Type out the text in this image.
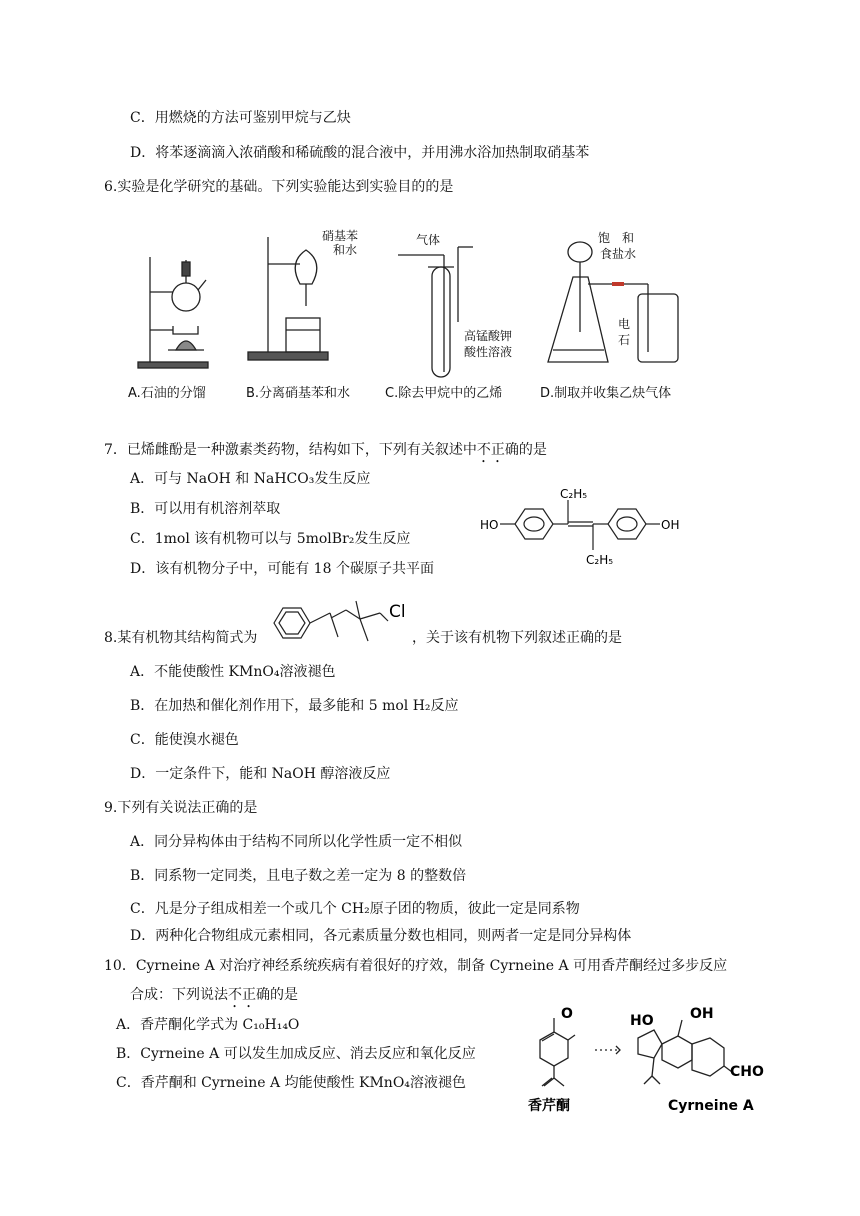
C．用燃烧的方法可鉴别甲烷与乙炔
D．将苯逐滴滴入浓硝酸和稀硫酸的混合液中，并用沸水浴加热制取硝基苯
6.实验是化学研究的基础。下列实验能达到实验目的的是
硝基苯
和水
气体
高锰酸钾
酸性溶液
饱　和
食盐水
电
石
A.石油的分馏	B.分离硝基苯和水	C.除去甲烷中的乙烯	D.制取并收集乙炔气体
7．已烯雌酚是一种激素类药物，结构如下，下列有关叙述中不正确的是
A．可与 NaOH 和 NaHCO₃发生反应
B．可以用有机溶剂萃取
C．1mol 该有机物可以与 5molBr₂发生反应
D．该有机物分子中，可能有 18 个碳原子共平面
HO	OH
C₂H₅
C₂H₅
8.某有机物其结构简式为
Cl
，关于该有机物下列叙述正确的是
A．不能使酸性 KMnO₄溶液褪色
B．在加热和催化剂作用下，最多能和 5 mol H₂反应
C．能使溴水褪色
D．一定条件下，能和 NaOH 醇溶液反应
9.下列有关说法正确的是
A．同分异构体由于结构不同所以化学性质一定不相似
B．同系物一定同类，且电子数之差一定为 8 的整数倍
C．凡是分子组成相差一个或几个 CH₂原子团的物质，彼此一定是同系物
D．两种化合物组成元素相同，各元素质量分数也相同，则两者一定是同分异构体
10．Cyrneine A 对治疗神经系统疾病有着很好的疗效，制备 Cyrneine A 可用香芹酮经过多步反应
合成：下列说法不正确的是
A．香芹酮化学式为 C₁₀H₁₄O
B．Cyrneine A 可以发生加成反应、消去反应和氧化反应
C．香芹酮和 Cyrneine A 均能使酸性 KMnO₄溶液褪色
O	HO	OH
CHO
香芹酮	Cyrneine A
